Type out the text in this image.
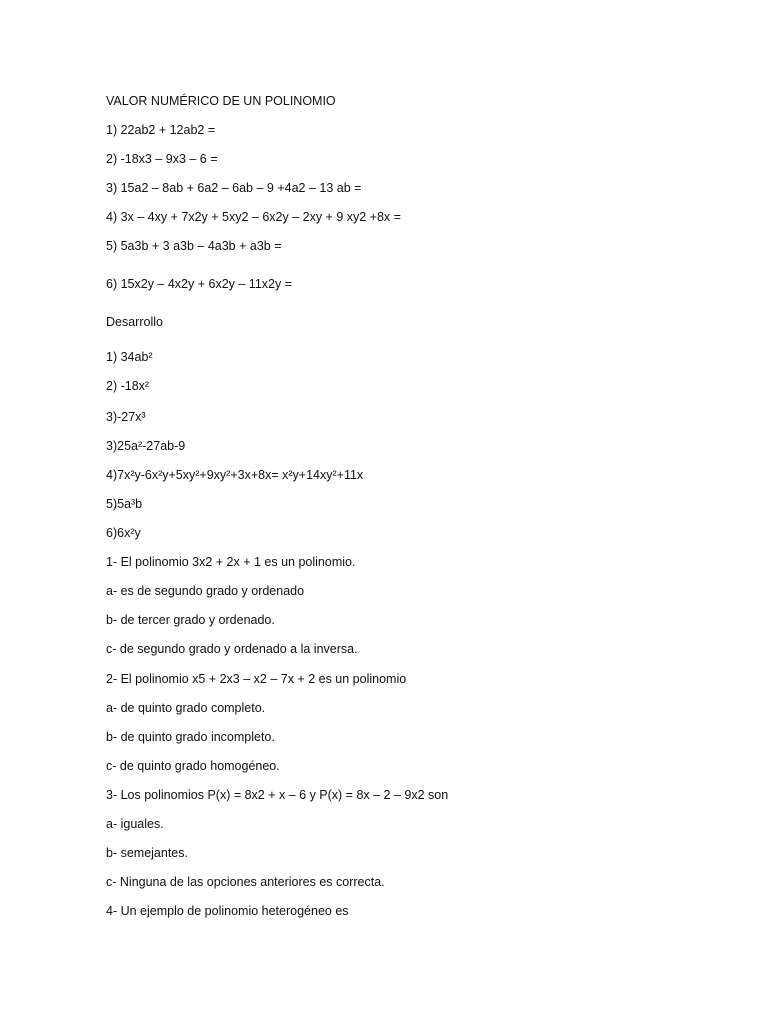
VALOR NUMÉRICO DE UN POLINOMIO
1) 22ab2 + 12ab2 =
2) -18x3 – 9x3 – 6 =
3) 15a2 – 8ab + 6a2 – 6ab – 9 +4a2 – 13 ab =
4) 3x – 4xy + 7x2y + 5xy2 – 6x2y – 2xy + 9 xy2 +8x =
5) 5a3b + 3 a3b – 4a3b + a3b =
6) 15x2y – 4x2y + 6x2y – 11x2y =
Desarrollo
1) 34ab²
2) -18x²
3)-27x³
3)25a²-27ab-9
4)7x²y-6x²y+5xy²+9xy²+3x+8x= x²y+14xy²+11x
5)5a³b
6)6x²y
1- El polinomio 3x2 + 2x + 1 es un polinomio.
a- es de segundo grado y ordenado
b- de tercer grado y ordenado.
c- de segundo grado y ordenado a la inversa.
2- El polinomio x5 + 2x3 – x2 – 7x + 2 es un polinomio
a- de quinto grado completo.
b- de quinto grado incompleto.
c- de quinto grado homogéneo.
3- Los polinomios P(x) = 8x2 + x – 6 y P(x) = 8x – 2 – 9x2 son
a- iguales.
b- semejantes.
c- Ninguna de las opciones anteriores es correcta.
4- Un ejemplo de polinomio heterogéneo es
